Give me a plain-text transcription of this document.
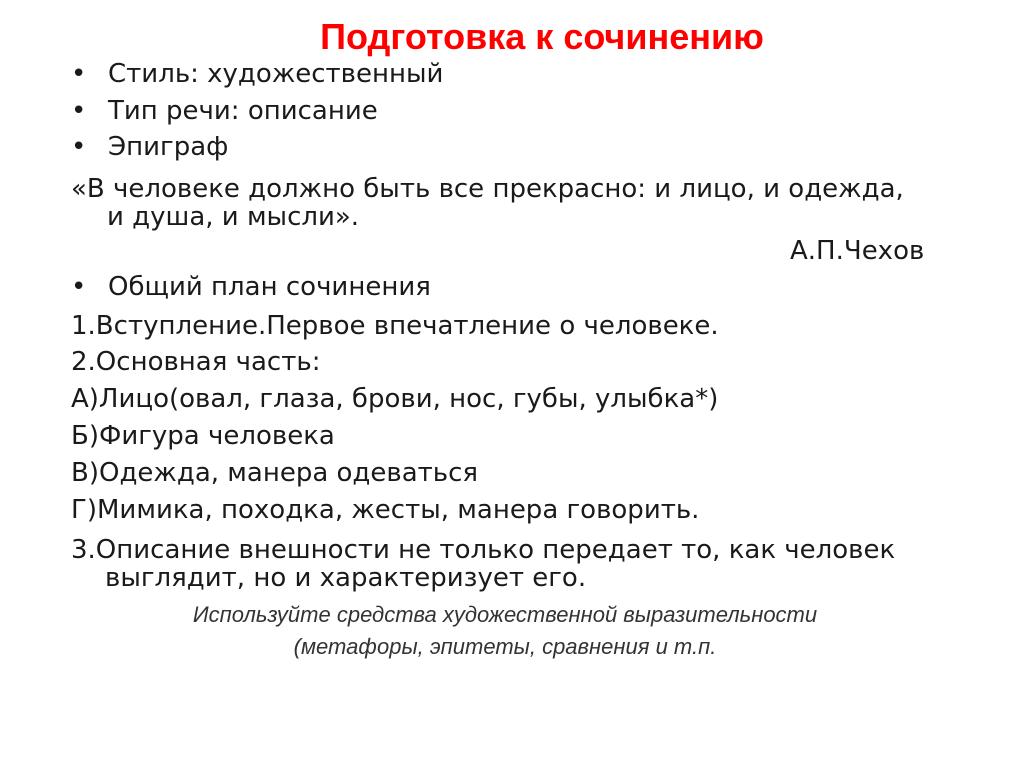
Подготовка к сочинению
• Стиль: художественный
• Тип речи: описание
• Эпиграф

«В человеке должно быть все прекрасно: и лицо, и одежда,

и душа, и мысли».

А.П.Чехов

• Общий план сочинения

1.Вступление.Первое впечатление о человеке.

2.Основная часть:

А)Лицо(овал, глаза, брови, нос, губы, улыбка*)

Б)Фигура человека

В)Одежда, манера одеваться

Г)Мимика, походка, жесты, манера говорить.

3.Описание внешности не только передает то, как человек

выглядит, но и характеризует его.

Используйте средства художественной выразительности
(метафоры, эпитеты, сравнения и т.п.
